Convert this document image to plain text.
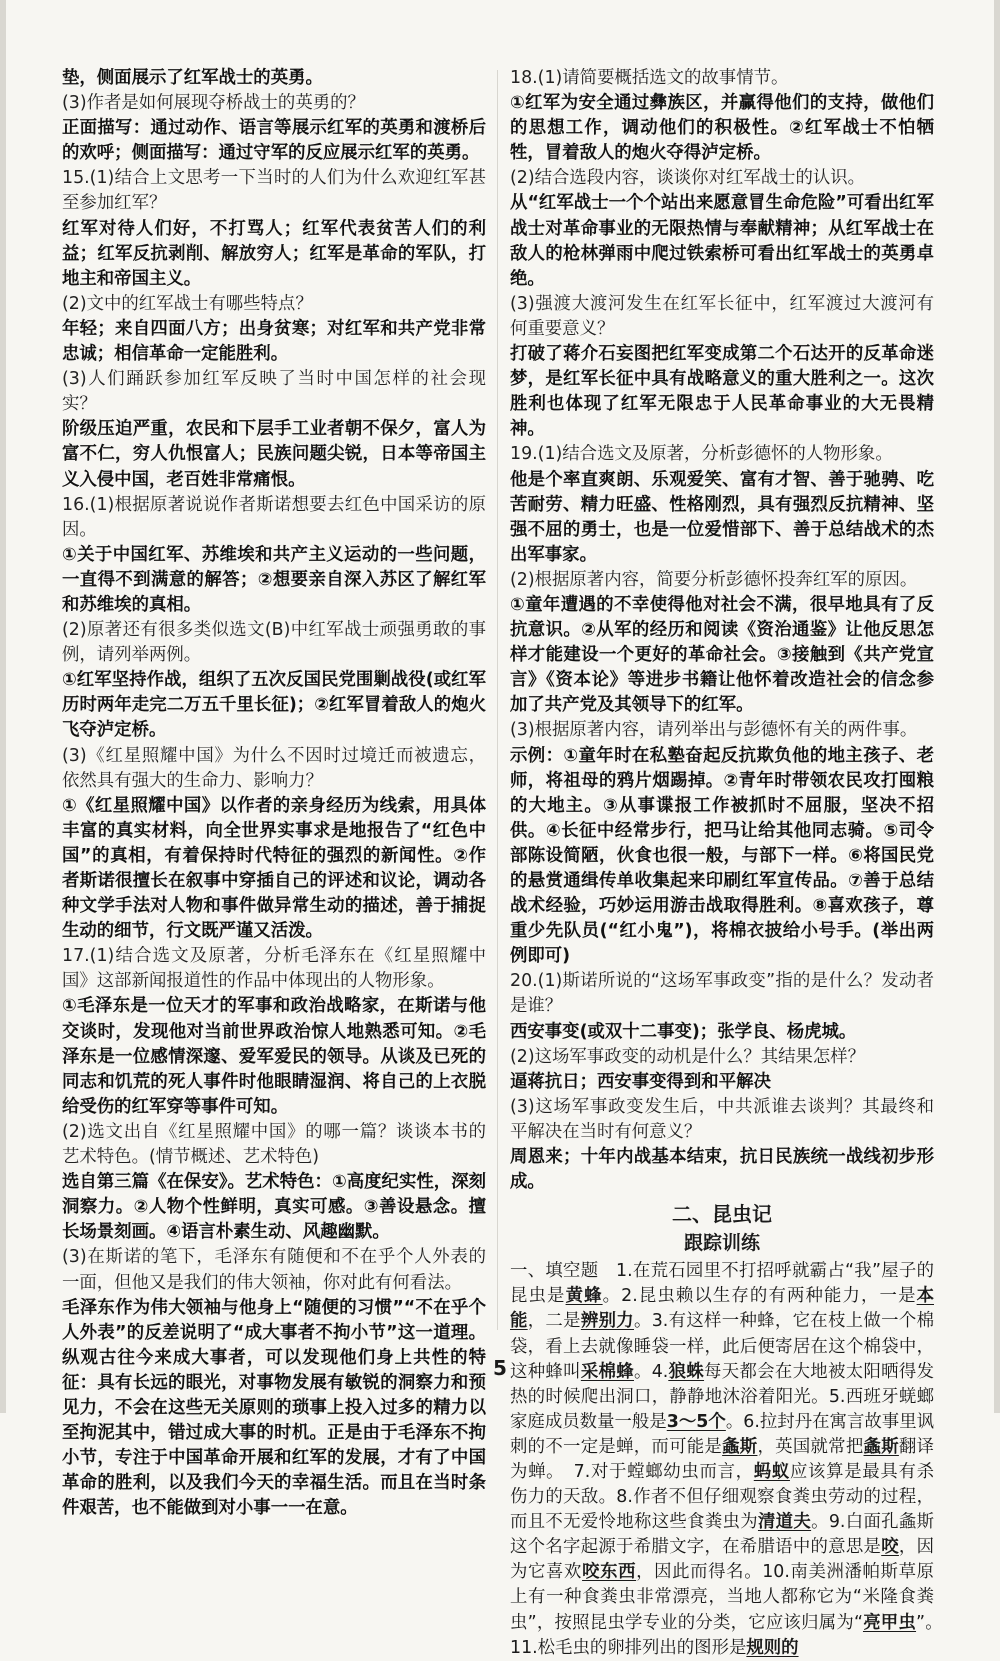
垫，侧面展示了红军战士的英勇。

(3)作者是如何展现夺桥战士的英勇的？

正面描写：通过动作、语言等展示红军的英勇和渡桥后的欢呼；侧面描写：通过守军的反应展示红军的英勇。

15.(1)结合上文思考一下当时的人们为什么欢迎红军甚至参加红军？

红军对待人们好，不打骂人；红军代表贫苦人们的利益；红军反抗剥削、解放穷人；红军是革命的军队，打地主和帝国主义。

(2)文中的红军战士有哪些特点？

年轻；来自四面八方；出身贫寒；对红军和共产党非常忠诚；相信革命一定能胜利。

(3)人们踊跃参加红军反映了当时中国怎样的社会现实？

阶级压迫严重，农民和下层手工业者朝不保夕，富人为富不仁，穷人仇恨富人；民族问题尖锐，日本等帝国主义入侵中国，老百姓非常痛恨。

16.(1)根据原著说说作者斯诺想要去红色中国采访的原因。

①关于中国红军、苏维埃和共产主义运动的一些问题，一直得不到满意的解答；②想要亲自深入苏区了解红军和苏维埃的真相。

(2)原著还有很多类似选文(B)中红军战士顽强勇敢的事例，请列举两例。

①红军坚持作战，组织了五次反国民党围剿战役(或红军历时两年走完二万五千里长征)；②红军冒着敌人的炮火飞夺泸定桥。

(3)《红星照耀中国》为什么不因时过境迁而被遗忘，依然具有强大的生命力、影响力？

①《红星照耀中国》以作者的亲身经历为线索，用具体丰富的真实材料，向全世界实事求是地报告了“红色中国”的真相，有着保持时代特征的强烈的新闻性。②作者斯诺很擅长在叙事中穿插自己的评述和议论，调动各种文学手法对人物和事件做异常生动的描述，善于捕捉生动的细节，行文既严谨又活泼。

17.(1)结合选文及原著，分析毛泽东在《红星照耀中国》这部新闻报道性的作品中体现出的人物形象。

①毛泽东是一位天才的军事和政治战略家，在斯诺与他交谈时，发现他对当前世界政治惊人地熟悉可知。②毛泽东是一位感情深邃、爱军爱民的领导。从谈及已死的同志和饥荒的死人事件时他眼睛湿润、将自己的上衣脱给受伤的红军穿等事件可知。

(2)选文出自《红星照耀中国》的哪一篇？谈谈本书的艺术特色。(情节概述、艺术特色)

选自第三篇《在保安》。艺术特色：①高度纪实性，深刻洞察力。②人物个性鲜明，真实可感。③善设悬念。擅长场景刻画。④语言朴素生动、风趣幽默。

(3)在斯诺的笔下，毛泽东有随便和不在乎个人外表的一面，但他又是我们的伟大领袖，你对此有何看法。

毛泽东作为伟大领袖与他身上“随便的习惯”“不在乎个人外表”的反差说明了“成大事者不拘小节”这一道理。纵观古往今来成大事者，可以发现他们身上共性的特征：具有长远的眼光，对事物发展有敏锐的洞察力和预见力，不会在这些无关原则的琐事上投入过多的精力以至拘泥其中，错过成大事的时机。正是由于毛泽东不拘小节，专注于中国革命开展和红军的发展，才有了中国革命的胜利，以及我们今天的幸福生活。而且在当时条件艰苦，也不能做到对小事一一在意。

18.(1)请简要概括选文的故事情节。

①红军为安全通过彝族区，并赢得他们的支持，做他们的思想工作，调动他们的积极性。②红军战士不怕牺牲，冒着敌人的炮火夺得泸定桥。

(2)结合选段内容，谈谈你对红军战士的认识。

从“红军战士一个个站出来愿意冒生命危险”可看出红军战士对革命事业的无限热情与奉献精神；从红军战士在敌人的枪林弹雨中爬过铁索桥可看出红军战士的英勇卓绝。

(3)强渡大渡河发生在红军长征中，红军渡过大渡河有何重要意义？

打破了蒋介石妄图把红军变成第二个石达开的反革命迷梦，是红军长征中具有战略意义的重大胜利之一。这次胜利也体现了红军无限忠于人民革命事业的大无畏精神。

19.(1)结合选文及原著，分析彭德怀的人物形象。

他是个率直爽朗、乐观爱笑、富有才智、善于驰骋、吃苦耐劳、精力旺盛、性格刚烈，具有强烈反抗精神、坚强不屈的勇士，也是一位爱惜部下、善于总结战术的杰出军事家。

(2)根据原著内容，简要分析彭德怀投奔红军的原因。

①童年遭遇的不幸使得他对社会不满，很早地具有了反抗意识。②从军的经历和阅读《资治通鉴》让他反思怎样才能建设一个更好的革命社会。③接触到《共产党宣言》《资本论》等进步书籍让他怀着改造社会的信念参加了共产党及其领导下的红军。

(3)根据原著内容，请列举出与彭德怀有关的两件事。

示例：①童年时在私塾奋起反抗欺负他的地主孩子、老师，将祖母的鸦片烟踢掉。②青年时带领农民攻打囤粮的大地主。③从事谍报工作被抓时不屈服，坚决不招供。④长征中经常步行，把马让给其他同志骑。⑤司令部陈设简陋，伙食也很一般，与部下一样。⑥将国民党的悬赏通缉传单收集起来印刷红军宣传品。⑦善于总结战术经验，巧妙运用游击战取得胜利。⑧喜欢孩子，尊重少先队员(“红小鬼”)，将棉衣披给小号手。(举出两例即可)

20.(1)斯诺所说的“这场军事政变”指的是什么？发动者是谁？

西安事变(或双十二事变)；张学良、杨虎城。

(2)这场军事政变的动机是什么？其结果怎样？

逼蒋抗日；西安事变得到和平解决

(3)这场军事政变发生后，中共派谁去谈判？其最终和平解决在当时有何意义？

周恩来；十年内战基本结束，抗日民族统一战线初步形成。

二、昆虫记
跟踪训练

一、填空题　1.在荒石园里不打招呼就霸占“我”屋子的昆虫是黄蜂。2.昆虫赖以生存的有两种能力，一是本能，二是辨别力。3.有这样一种蜂，它在枝上做一个棉袋，看上去就像睡袋一样，此后便寄居在这个棉袋中，这种蜂叫采棉蜂。4.狼蛛每天都会在大地被太阳晒得发热的时候爬出洞口，静静地沐浴着阳光。5.西班牙蜣螂家庭成员数量一般是3～5个。6.拉封丹在寓言故事里讽刺的不一定是蝉，而可能是螽斯，英国就常把螽斯翻译为蝉。　7.对于螳螂幼虫而言，蚂蚁应该算是最具有杀伤力的天敌。8.作者不但仔细观察食粪虫劳动的过程，而且不无爱怜地称这些食粪虫为清道夫。9.白面孔螽斯这个名字起源于希腊文字，在希腊语中的意思是咬，因为它喜欢咬东西，因此而得名。10.南美洲潘帕斯草原上有一种食粪虫非常漂亮，当地人都称它为“米隆食粪虫”，按照昆虫学专业的分类，它应该归属为“亮甲虫”。　11.松毛虫的卵排列出的图形是规则的

5
